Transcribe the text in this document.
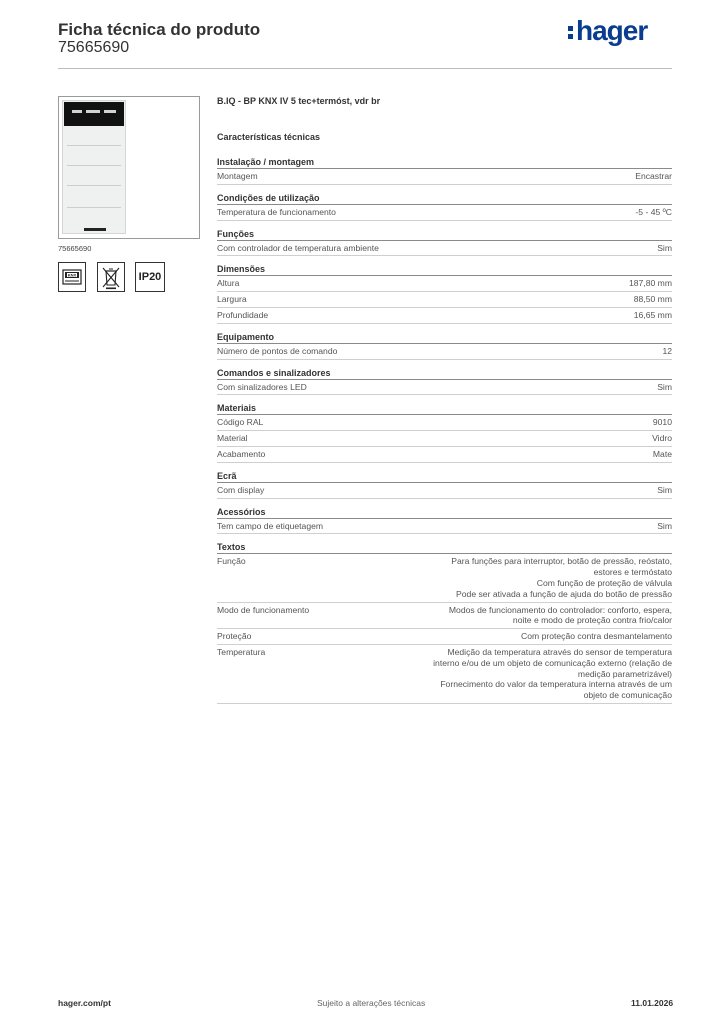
Ficha técnica do produto
75665690
hager
75665690
KNX	IP20
B.IQ - BP KNX IV 5 tec+termóst, vdr br
Características técnicas
Instalação / montagem
Montagem	Encastrar
Condições de utilização
Temperatura de funcionamento	-5 - 45 ºC
Funções
Com controlador de temperatura ambiente	Sim
Dimensões
Altura	187,80 mm
Largura	88,50 mm
Profundidade	16,65 mm
Equipamento
Número de pontos de comando	12
Comandos e sinalizadores
Com sinalizadores LED	Sim
Materiais
Código RAL	9010
Material	Vidro
Acabamento	Mate
Ecrã
Com display	Sim
Acessórios
Tem campo de etiquetagem	Sim
Textos
Função	Para funções para interruptor, botão de pressão, reóstato,
estores e termóstato
Com função de proteção de válvula
Pode ser ativada a função de ajuda do botão de pressão
Modo de funcionamento	Modos de funcionamento do controlador: conforto, espera,
noite e modo de proteção contra frio/calor
Proteção	Com proteção contra desmantelamento
Temperatura	Medição da temperatura através do sensor de temperatura
interno e/ou de um objeto de comunicação externo (relação de
medição parametrizável)
Fornecimento do valor da temperatura interna através de um
objeto de comunicação
hager.com/pt	Sujeito a alterações técnicas	11.01.2026
